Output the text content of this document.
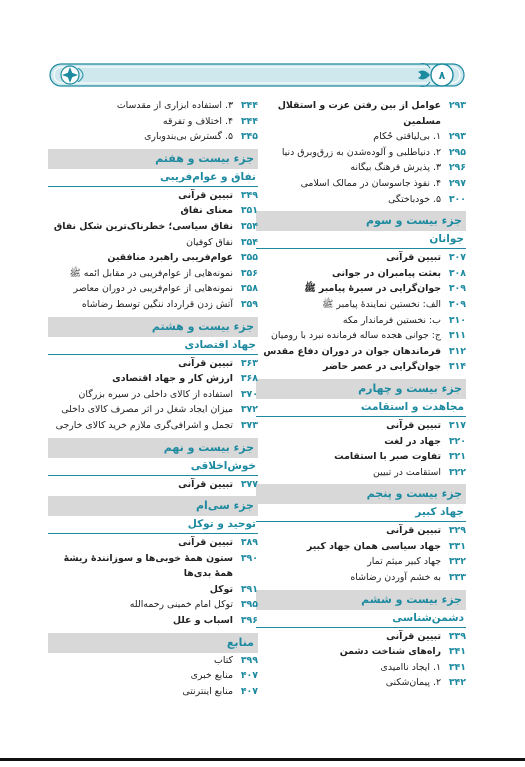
۸
۲۹۳
عوامل از بین رفتن عزت و استقلال مسلمین
۲۹۳
۱. بی‌لیاقتی حُکام
۲۹۵
۲. دنیاطلبی و آلوده‌شدن به زرق‌وبرق دنیا
۲۹۶
۳. پذیرش فرهنگ بیگانه
۲۹۷
۴. نفوذ جاسوسان در ممالک اسلامی
۳۰۰
۵. خودباختگی
جزء بیست و سوم
جوانان
۳۰۷
تبیین قرآنی
۳۰۸
بعثت پیامبران در جوانی
۳۰۹
جوان‌گرایی در سیرهٔ پیامبر ﷺ
۳۰۹
الف: نخستین نمایندهٔ پیامبر ﷺ
۳۱۰
ب: نخستین فرماندار مکه
۳۱۱
ج: جوانی هجده ساله فرمانده نبرد با رومیان
۳۱۲
فرماندهان جوان در دوران دفاع مقدس
۳۱۴
جوان‌گرایی در عصر حاضر
جزء بیست و چهارم
مجاهدت و استقامت
۳۱۷
تبیین قرآنی
۳۲۰
جهاد در لغت
۳۲۱
تفاوت صبر با استقامت
۳۲۲
استقامت در تبیین
جزء بیست و پنجم
جهاد کبیر
۳۲۹
تبیین قرآنی
۳۳۱
جهاد سیاسی همان جهاد کبیر
۳۳۲
جهاد کبیر میثم تمار
۳۳۳
به خشم آوردن رضاشاه
جزء بیست و ششم
دشمن‌شناسی
۳۳۹
تبیین قرآنی
۳۴۱
راه‌های شناخت دشمن
۳۴۱
۱. ایجاد ناامیدی
۳۴۲
۲. پیمان‌شکنی
۳۴۴
۳. استفاده ابزاری از مقدسات
۳۴۴
۴. اختلاف و تفرقه
۳۴۵
۵. گسترش بی‌بندوباری
جزء بیست و هفتم
نفاق و عوام‌فریبی
۳۴۹
تبیین قرآنی
۳۵۱
معنای نفاق
۳۵۴
نفاق سیاسی؛ خطرناک‌ترین شکل نفاق
۳۵۴
نفاق کوفیان
۳۵۵
عوام‌فریبی راهبرد منافقین
۳۵۶
نمونه‌هایی از عوام‌فریبی در مقابل ائمه ﷺ
۳۵۸
نمونه‌هایی از عوام‌فریبی در دوران معاصر
۳۵۹
آتش زدن قرارداد ننگین توسط رضاشاه
جزء بیست و هشتم
جهاد اقتصادی
۳۶۳
تبیین قرآنی
۳۶۸
ارزش کار و جهاد اقتصادی
۳۷۰
استفاده از کالای داخلی در سیره بزرگان
۳۷۲
میزان ایجاد شغل در اثر مصرف کالای داخلی
۳۷۳
تجمل و اشرافی‌گری ملازم خرید کالای خارجی
جزء بیست و نهم
خوش‌اخلاقی
۳۷۷
تبیین قرآنی
جزء سی‌ام
توحید و توکل
۳۸۹
تبیین قرآنی
۳۹۰
ستون همهٔ خوبی‌ها و سوزانندهٔ ریشهٔ همهٔ بدی‌ها
۳۹۱
توکل
۳۹۵
توکل امام خمینی رحمه‌الله
۳۹۶
اسباب و علل
منابع
۳۹۹
کتاب
۴۰۷
منابع خبری
۴۰۷
منابع اینترنتی
